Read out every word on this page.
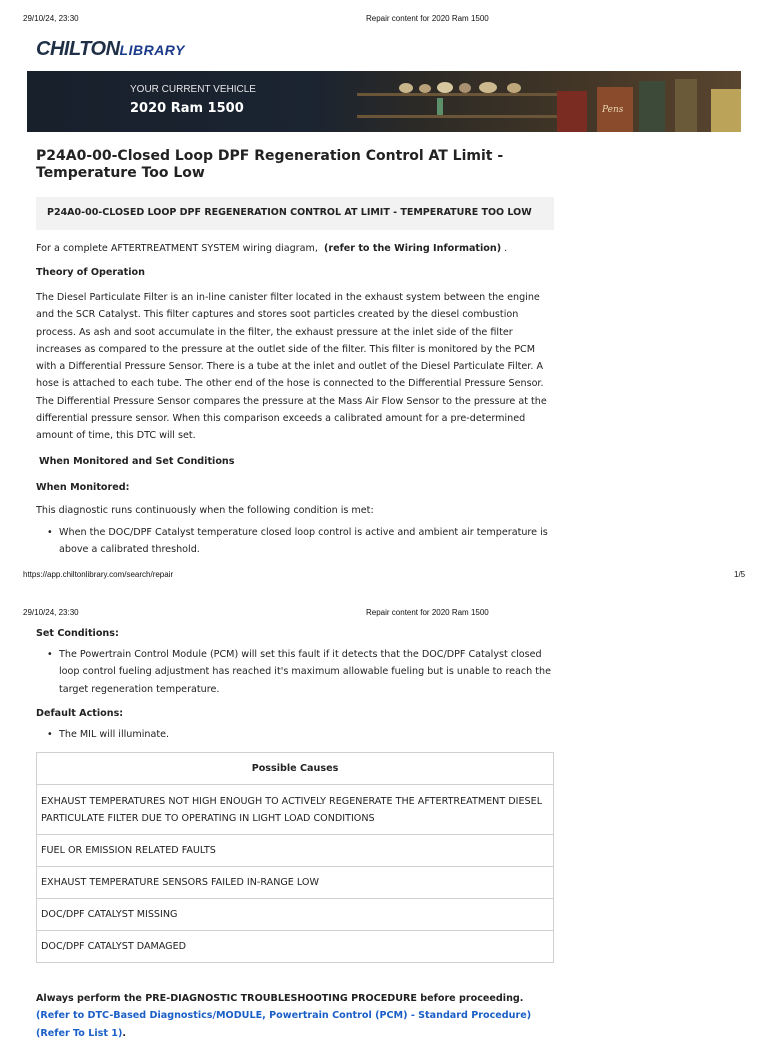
29/10/24, 23:30	Repair content for 2020 Ram 1500
CHILTONLIBRARY
Pens
YOUR CURRENT VEHICLE
2020 Ram 1500
P24A0-00-Closed Loop DPF Regeneration Control AT Limit - Temperature Too Low
P24A0-00-CLOSED LOOP DPF REGENERATION CONTROL AT LIMIT - TEMPERATURE TOO LOW
For a complete AFTERTREATMENT SYSTEM wiring diagram, (refer to the Wiring Information) .
Theory of Operation
The Diesel Particulate Filter is an in-line canister filter located in the exhaust system between the engine and the SCR Catalyst. This filter captures and stores soot particles created by the diesel combustion process. As ash and soot accumulate in the filter, the exhaust pressure at the inlet side of the filter increases as compared to the pressure at the outlet side of the filter. This filter is monitored by the PCM with a Differential Pressure Sensor. There is a tube at the inlet and outlet of the Diesel Particulate Filter. A hose is attached to each tube. The other end of the hose is connected to the Differential Pressure Sensor. The Differential Pressure Sensor compares the pressure at the Mass Air Flow Sensor to the pressure at the differential pressure sensor. When this comparison exceeds a calibrated amount for a pre-determined amount of time, this DTC will set.
When Monitored and Set Conditions
When Monitored:
This diagnostic runs continuously when the following condition is met:
• When the DOC/DPF Catalyst temperature closed loop control is active and ambient air temperature is above a calibrated threshold.
https://app.chiltonlibrary.com/search/repair	1/5
29/10/24, 23:30	Repair content for 2020 Ram 1500
Set Conditions:
• The Powertrain Control Module (PCM) will set this fault if it detects that the DOC/DPF Catalyst closed loop control fueling adjustment has reached it's maximum allowable fueling but is unable to reach the target regeneration temperature.
Default Actions:
• The MIL will illuminate.
Possible Causes
EXHAUST TEMPERATURES NOT HIGH ENOUGH TO ACTIVELY REGENERATE THE AFTERTREATMENT DIESEL PARTICULATE FILTER DUE TO OPERATING IN LIGHT LOAD CONDITIONS
FUEL OR EMISSION RELATED FAULTS
EXHAUST TEMPERATURE SENSORS FAILED IN-RANGE LOW
DOC/DPF CATALYST MISSING
DOC/DPF CATALYST DAMAGED
Always perform the PRE-DIAGNOSTIC TROUBLESHOOTING PROCEDURE before proceeding. (Refer to DTC-Based Diagnostics/MODULE, Powertrain Control (PCM) - Standard Procedure)(Refer To List 1).
